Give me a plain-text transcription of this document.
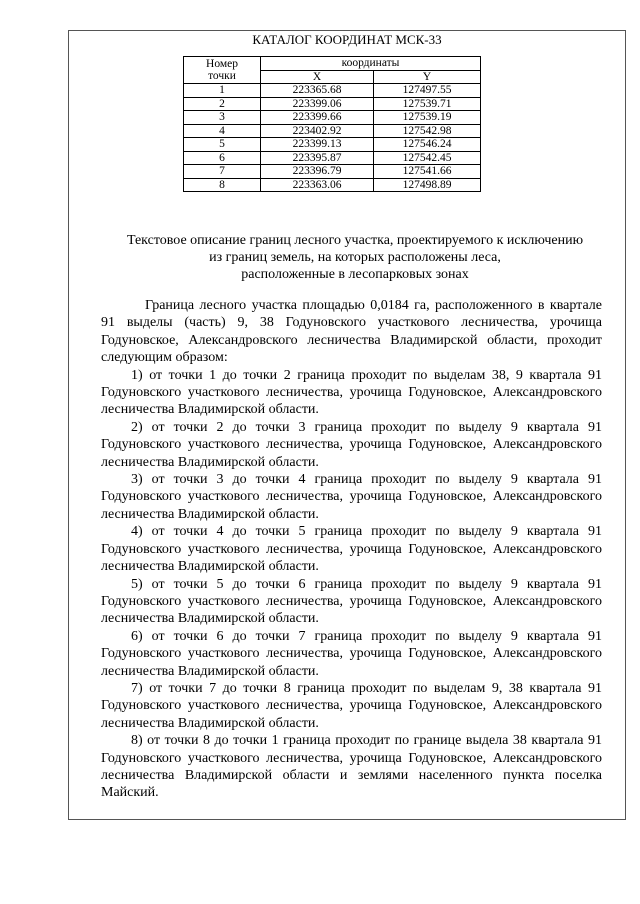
КАТАЛОГ КООРДИНАТ МСК-33
Номер
точки	координаты	
	X	Y
1	223365.68	127497.55
2	223399.06	127539.71
3	223399.66	127539.19
4	223402.92	127542.98
5	223399.13	127546.24
6	223395.87	127542.45
7	223396.79	127541.66
8	223363.06	127498.89
Текстовое описание границ лесного участка, проектируемого к исключению
из границ земель, на которых расположены леса,
расположенные в лесопарковых зонах

Граница лесного участка площадью 0,0184 га, расположенного в квартале 91 выделы (часть) 9, 38 Годуновского участкового лесничества, урочища Годуновское, Александровского лесничества Владимирской области, проходит следующим образом:

1) от точки 1 до точки 2 граница проходит по выделам 38, 9 квартала 91 Годуновского участкового лесничества, урочища Годуновское, Александровского лесничества Владимирской области.

2) от точки 2 до точки 3 граница проходит по выделу 9 квартала 91 Годуновского участкового лесничества, урочища Годуновское, Александровского лесничества Владимирской области.

3) от точки 3 до точки 4 граница проходит по выделу 9 квартала 91 Годуновского участкового лесничества, урочища Годуновское, Александровского лесничества Владимирской области.

4) от точки 4 до точки 5 граница проходит по выделу 9 квартала 91 Годуновского участкового лесничества, урочища Годуновское, Александровского лесничества Владимирской области.

5) от точки 5 до точки 6 граница проходит по выделу 9 квартала 91 Годуновского участкового лесничества, урочища Годуновское, Александровского лесничества Владимирской области.

6) от точки 6 до точки 7 граница проходит по выделу 9 квартала 91 Годуновского участкового лесничества, урочища Годуновское, Александровского лесничества Владимирской области.

7) от точки 7 до точки 8 граница проходит по выделам 9, 38 квартала 91 Годуновского участкового лесничества, урочища Годуновское, Александровского лесничества Владимирской области.

8) от точки 8 до точки 1 граница проходит по границе выдела 38 квартала 91 Годуновского участкового лесничества, урочища Годуновское, Александровского лесничества Владимирской области и землями населенного пункта поселка Майский.
